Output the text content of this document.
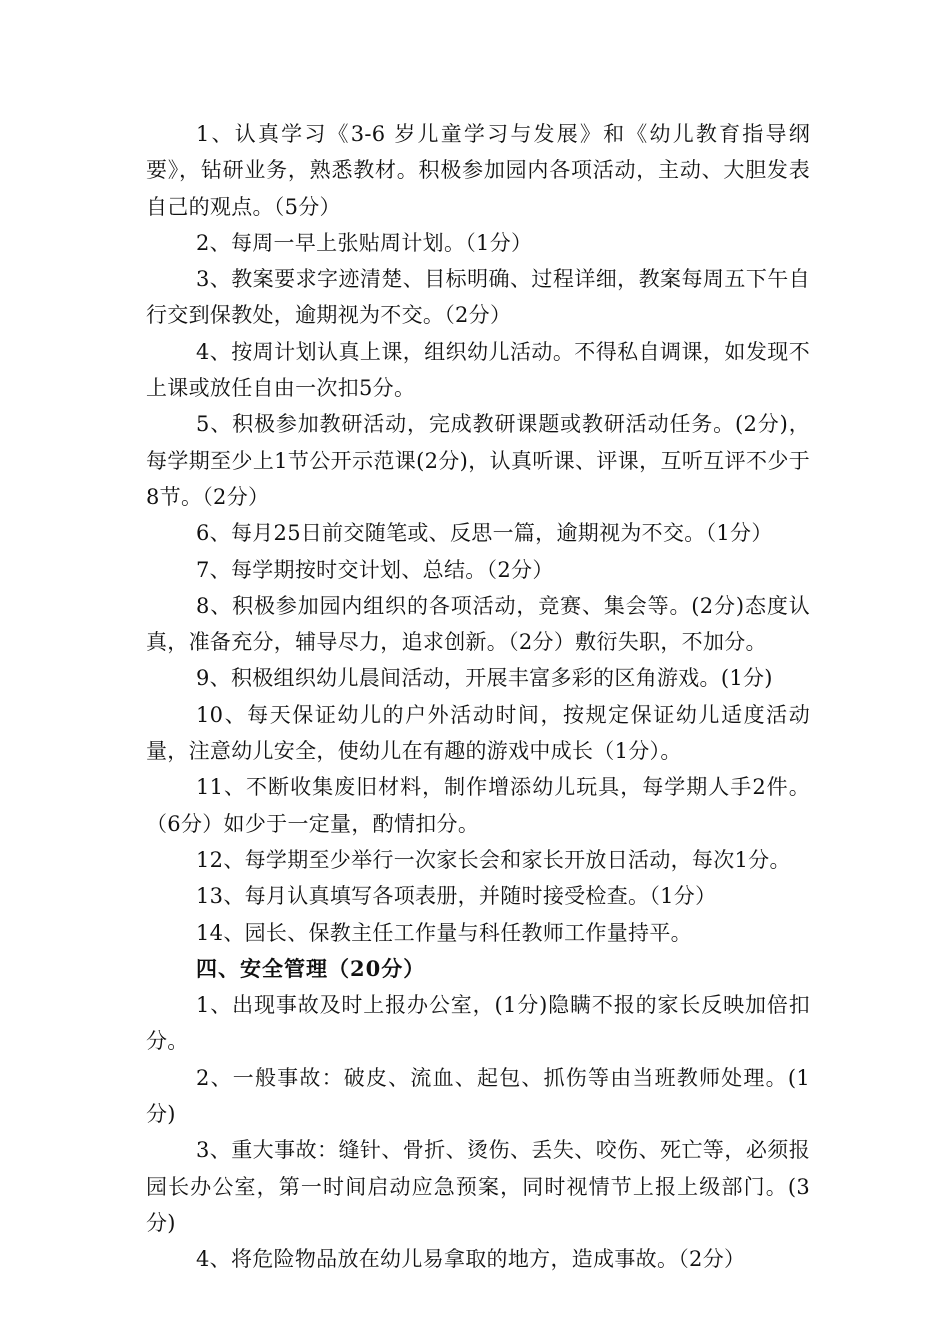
1、认真学习《3-6 岁儿童学习与发展》和《幼儿教育指导纲要》，钻研业务，熟悉教材。积极参加园内各项活动，主动、大胆发表自己的观点。（5分）

2、每周一早上张贴周计划。（1分）

3、教案要求字迹清楚、目标明确、过程详细，教案每周五下午自行交到保教处，逾期视为不交。（2分）

4、按周计划认真上课，组织幼儿活动。不得私自调课，如发现不上课或放任自由一次扣5分。

5、积极参加教研活动，完成教研课题或教研活动任务。(2分)，每学期至少上1节公开示范课(2分)，认真听课、评课，互听互评不少于8节。（2分）

6、每月25日前交随笔或、反思一篇，逾期视为不交。（1分）

7、每学期按时交计划、总结。（2分）

8、积极参加园内组织的各项活动，竞赛、集会等。(2分)态度认真，准备充分，辅导尽力，追求创新。（2分）敷衍失职，不加分。

9、积极组织幼儿晨间活动，开展丰富多彩的区角游戏。(1分)

10、每天保证幼儿的户外活动时间，按规定保证幼儿适度活动量，注意幼儿安全，使幼儿在有趣的游戏中成长（1分）。

11、不断收集废旧材料，制作增添幼儿玩具，每学期人手2件。（6分）如少于一定量，酌情扣分。

12、每学期至少举行一次家长会和家长开放日活动，每次1分。

13、每月认真填写各项表册，并随时接受检查。（1分）

14、园长、保教主任工作量与科任教师工作量持平。

四、安全管理（20分）

1、出现事故及时上报办公室，(1分)隐瞒不报的家长反映加倍扣分。

2、一般事故：破皮、流血、起包、抓伤等由当班教师处理。(1分)

3、重大事故：缝针、骨折、烫伤、丢失、咬伤、死亡等，必须报园长办公室，第一时间启动应急预案，同时视情节上报上级部门。(3分)

4、将危险物品放在幼儿易拿取的地方，造成事故。（2分）
